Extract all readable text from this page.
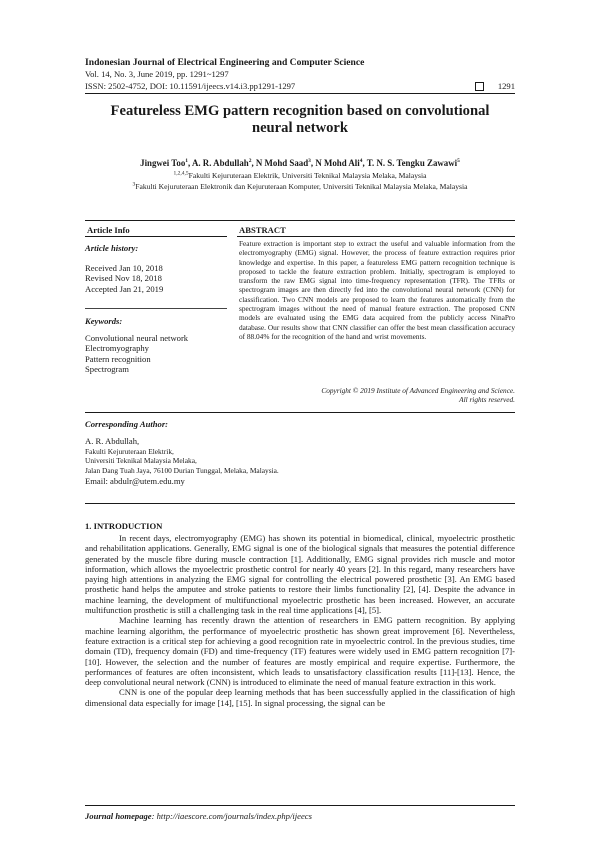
Indonesian Journal of Electrical Engineering and Computer Science
Vol. 14, No. 3, June 2019, pp. 1291~1297
ISSN: 2502-4752, DOI: 10.11591/ijeecs.v14.i3.pp1291-1297	1291
Featureless EMG pattern recognition based on convolutional
neural network
Jingwei Too$^1$, A. R. Abdullah$^2$, N Mohd Saad$^3$, N Mohd Ali$^4$, T. N. S. Tengku Zawawi$^5$
$^{1,2,4,5}$Fakulti Kejuruteraan Elektrik, Universiti Teknikal Malaysia Melaka, Malaysia
$^3$Fakulti Kejuruteraan Elektronik dan Kejuruteraan Komputer, Universiti Teknikal Malaysia Melaka, Malaysia
Article Info	ABSTRACT
Article history:
Received Jan 10, 2018
Revised Nov 18, 2018
Accepted Jan 21, 2019
Keywords:
Convolutional neural network
Electromyography
Pattern recognition
Spectrogram

Feature extraction is important step to extract the useful and valuable information from the electromyography (EMG) signal. However, the process of feature extraction requires prior knowledge and expertise. In this paper, a featureless EMG pattern recognition technique is proposed to tackle the feature extraction problem. Initially, spectrogram is employed to transform the raw EMG signal into time-frequency representation (TFR). The TFRs or spectrogram images are then directly fed into the convolutional neural network (CNN) for classification. Two CNN models are proposed to learn the features automatically from the spectrogram images without the need of manual feature extraction. The proposed CNN models are evaluated using the EMG data acquired from the publicly access NinaPro database. Our results show that CNN classifier can offer the best mean classification accuracy of 88.04% for the recognition of the hand and wrist movements.

Copyright © 2019 Institute of Advanced Engineering and Science.
All rights reserved.
Corresponding Author:
A. R. Abdullah,
Fakulti Kejuruteraan Elektrik,
Universiti Teknikal Malaysia Melaka,
Jalan Dang Tuah Jaya, 76100 Durian Tunggal, Melaka, Malaysia.
Email: abdulr@utem.edu.my
1. INTRODUCTION

In recent days, electromyography (EMG) has shown its potential in biomedical, clinical, myoelectric prosthetic and rehabilitation applications. Generally, EMG signal is one of the biological signals that measures the potential difference generated by the muscle fibre during muscle contraction [1]. Additionally, EMG signal provides rich muscle and motor information, which allows the myoelectric prosthetic control for nearly 40 years [2]. In this regard, many researchers have paying high attentions in analyzing the EMG signal for controlling the electrical powered prosthetic [3]. An EMG based prosthetic hand helps the amputee and stroke patients to restore their limbs functionality [2], [4]. Despite the advance in machine learning, the development of multifunctional myoelectric prosthetic has been increased. However, an accurate multifunction prosthetic is still a challenging task in the real time applications [4], [5].

Machine learning has recently drawn the attention of researchers in EMG pattern recognition. By applying machine learning algorithm, the performance of myoelectric prosthetic has shown great improvement [6]. Nevertheless, feature extraction is a critical step for achieving a good recognition rate in myoelectric control. In the previous studies, time domain (TD), frequency domain (FD) and time-frequency (TF) features were widely used in EMG pattern recognition [7]-[10]. However, the selection and the number of features are mostly empirical and require expertise. Furthermore, the performances of features are often inconsistent, which leads to unsatisfactory classification results [11]-[13]. Hence, the deep convolutional neural network (CNN) is introduced to eliminate the need of manual feature extraction in this work.

CNN is one of the popular deep learning methods that has been successfully applied in the classification of high dimensional data especially for image [14], [15]. In signal processing, the signal can be

Journal homepage: http://iaescore.com/journals/index.php/ijeecs
